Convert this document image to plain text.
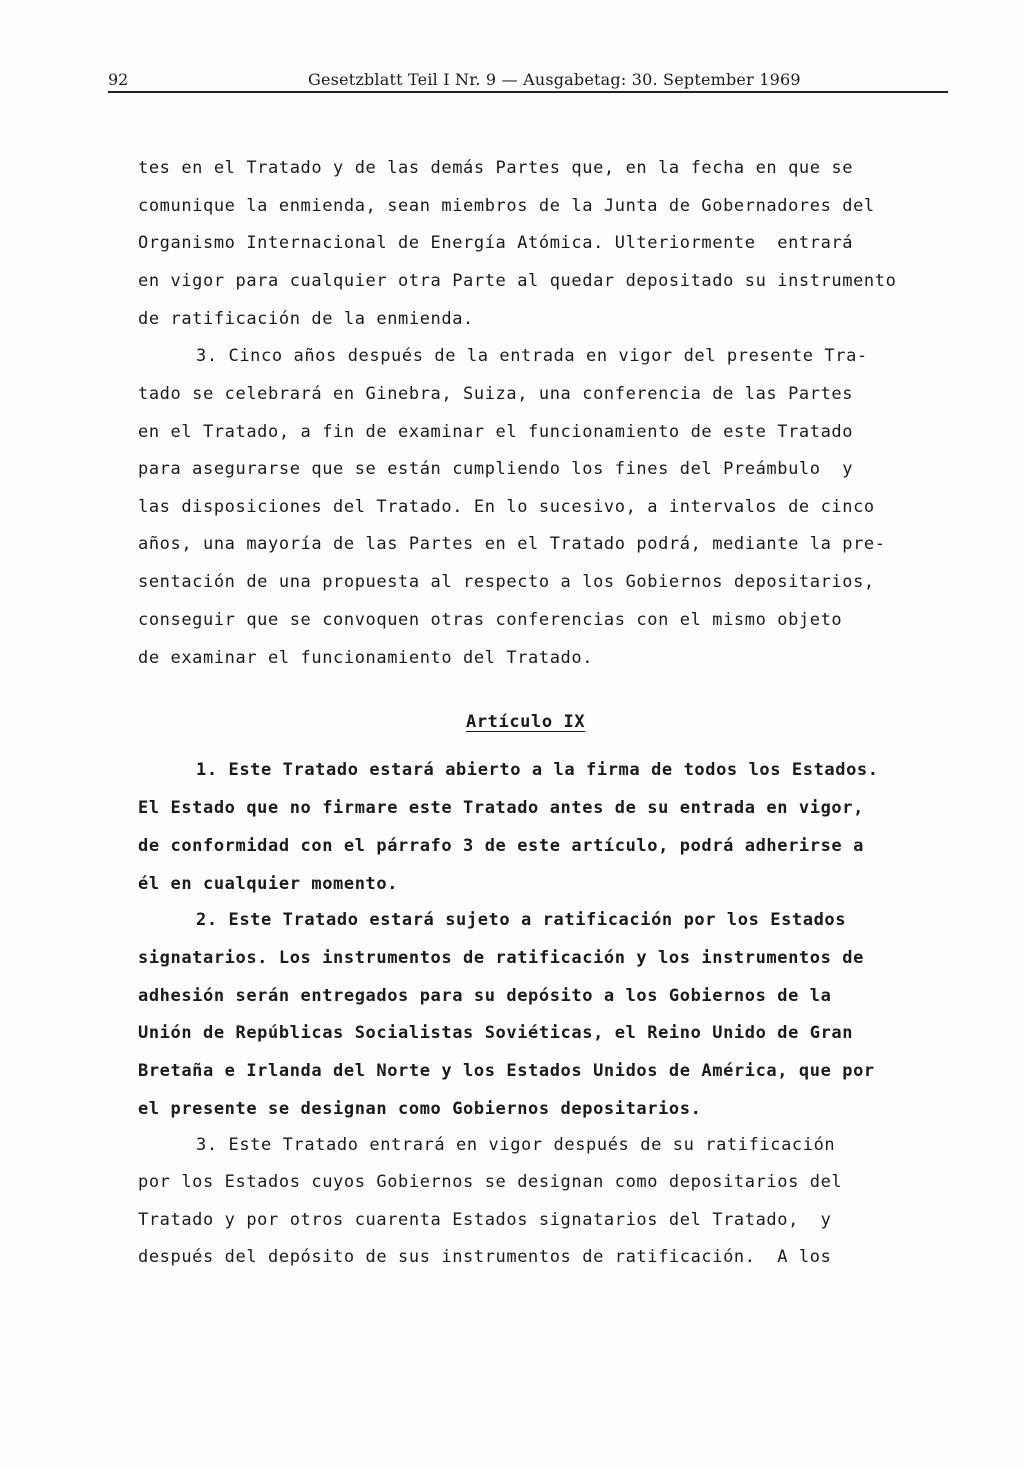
92	Gesetzblatt Teil I Nr. 9 — Ausgabetag: 30. September 1969

tes en el Tratado y de las demás Partes que, en la fecha en que se

comunique la enmienda, sean miembros de la Junta de Gobernadores del

Organismo Internacional de Energía Atómica. Ulteriormente  entrará

en vigor para cualquier otra Parte al quedar depositado su instrumento

de ratificación de la enmienda.

3. Cinco años después de la entrada en vigor del presente Tra-

tado se celebrará en Ginebra, Suiza, una conferencia de las Partes

en el Tratado, a fin de examinar el funcionamiento de este Tratado

para asegurarse que se están cumpliendo los fines del Preámbulo  y

las disposiciones del Tratado. En lo sucesivo, a intervalos de cinco

años, una mayoría de las Partes en el Tratado podrá, mediante la pre-

sentación de una propuesta al respecto a los Gobiernos depositarios,

conseguir que se convoquen otras conferencias con el mismo objeto

de examinar el funcionamiento del Tratado.

Artículo IX

1. Este Tratado estará abierto a la firma de todos los Estados.

El Estado que no firmare este Tratado antes de su entrada en vigor,

de conformidad con el párrafo 3 de este artículo, podrá adherirse a

él en cualquier momento.

2. Este Tratado estará sujeto a ratificación por los Estados

signatarios. Los instrumentos de ratificación y los instrumentos de

adhesión serán entregados para su depósito a los Gobiernos de la

Unión de Repúblicas Socialistas Soviéticas, el Reino Unido de Gran

Bretaña e Irlanda del Norte y los Estados Unidos de América, que por

el presente se designan como Gobiernos depositarios.

3. Este Tratado entrará en vigor después de su ratificación

por los Estados cuyos Gobiernos se designan como depositarios del

Tratado y por otros cuarenta Estados signatarios del Tratado,  y

después del depósito de sus instrumentos de ratificación.  A los
